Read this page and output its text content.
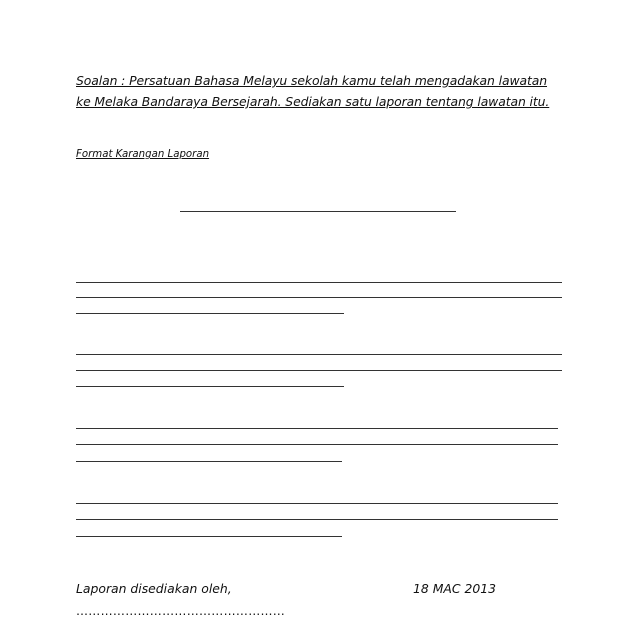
Soalan : Persatuan Bahasa Melayu sekolah kamu telah mengadakan lawatan
ke Melaka Bandaraya Bersejarah. Sediakan satu laporan tentang lawatan itu.
Format Karangan Laporan
Laporan disediakan oleh,	18 MAC 2013
……………………………………………
